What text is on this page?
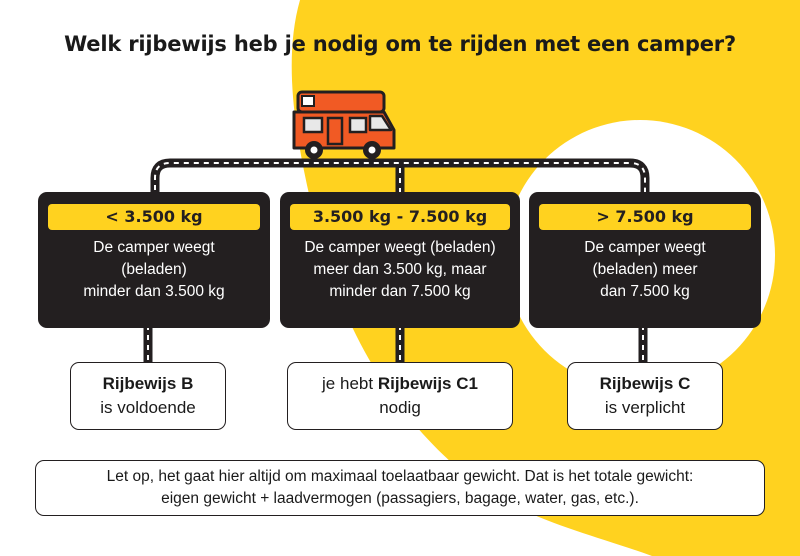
Welk rijbewijs heb je nodig om te rijden met een camper?
< 3.500 kg
De camper weegt
(beladen)
minder dan 3.500 kg
3.500 kg - 7.500 kg
De camper weegt (beladen)
meer dan 3.500 kg, maar
minder dan 7.500 kg
> 7.500 kg
De camper weegt
(beladen) meer
dan 7.500 kg
Rijbewijs B
is voldoende
je hebt Rijbewijs C1
nodig
Rijbewijs C
is verplicht
Let op, het gaat hier altijd om maximaal toelaatbaar gewicht. Dat is het totale gewicht:
eigen gewicht + laadvermogen (passagiers, bagage, water, gas, etc.).
